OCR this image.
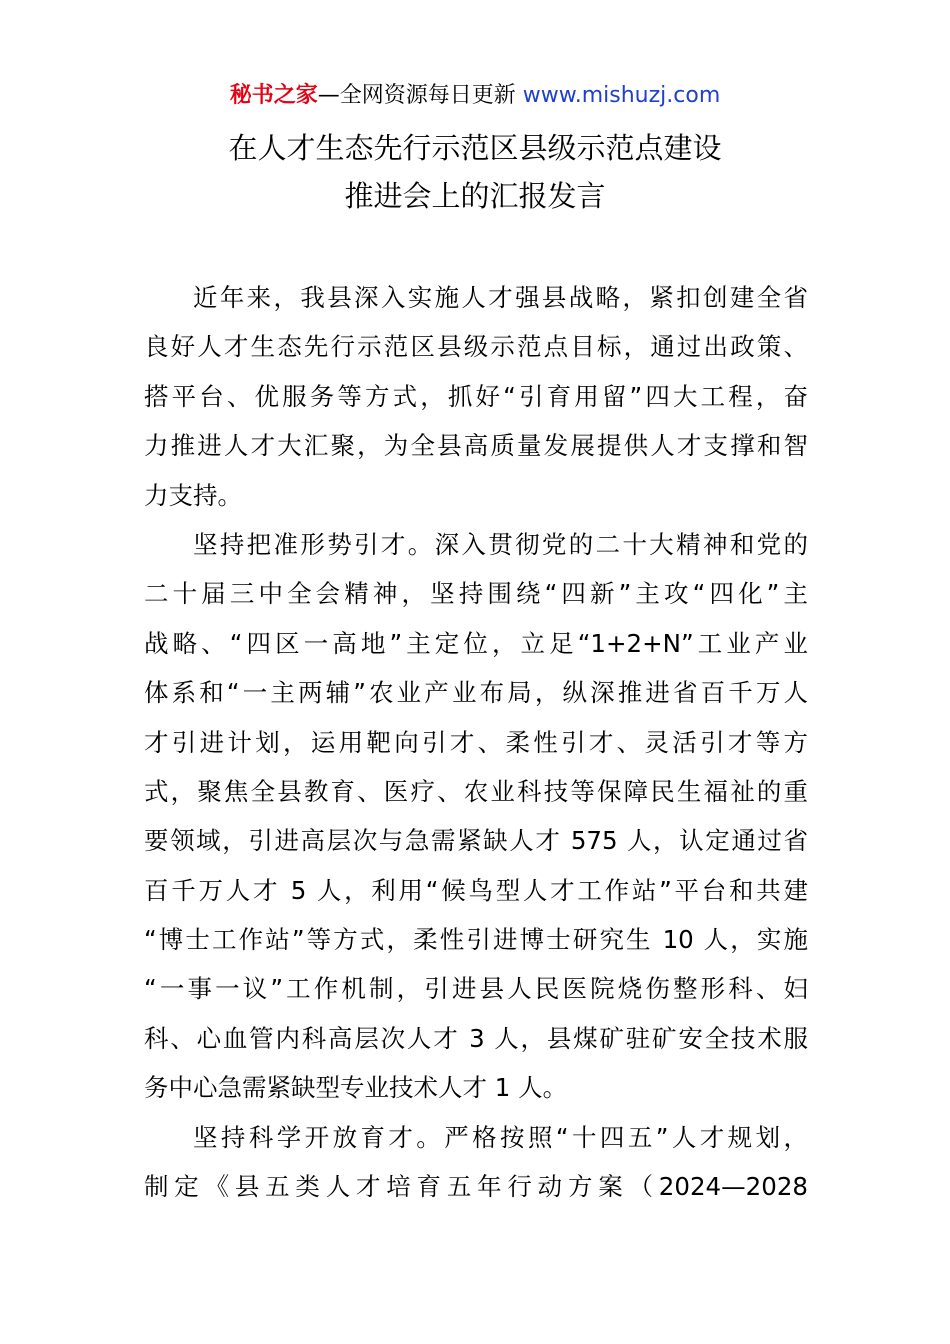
秘书之家—全网资源每日更新 www.mishuzj.com
在人才生态先行示范区县级示范点建设
推进会上的汇报发言
近年来，我县深入实施人才强县战略，紧扣创建全省
良好人才生态先行示范区县级示范点目标，通过出政策、
搭平台、优服务等方式，抓好“引育用留”四大工程，奋
力推进人才大汇聚，为全县高质量发展提供人才支撑和智
力支持。
坚持把准形势引才。深入贯彻党的二十大精神和党的
二十届三中全会精神，坚持围绕“四新”主攻“四化”主
战略、“四区一高地”主定位，立足“1+2+N”工业产业
体系和“一主两辅”农业产业布局，纵深推进省百千万人
才引进计划，运用靶向引才、柔性引才、灵活引才等方
式，聚焦全县教育、医疗、农业科技等保障民生福祉的重
要领域，引进高层次与急需紧缺人才 575 人，认定通过省
百千万人才 5 人，利用“候鸟型人才工作站”平台和共建
“博士工作站”等方式，柔性引进博士研究生 10 人，实施
“一事一议”工作机制，引进县人民医院烧伤整形科、妇
科、心血管内科高层次人才 3 人，县煤矿驻矿安全技术服
务中心急需紧缺型专业技术人才 1 人。
坚持科学开放育才。严格按照“十四五”人才规划，
制定《县五类人才培育五年行动方案（2024—2028
